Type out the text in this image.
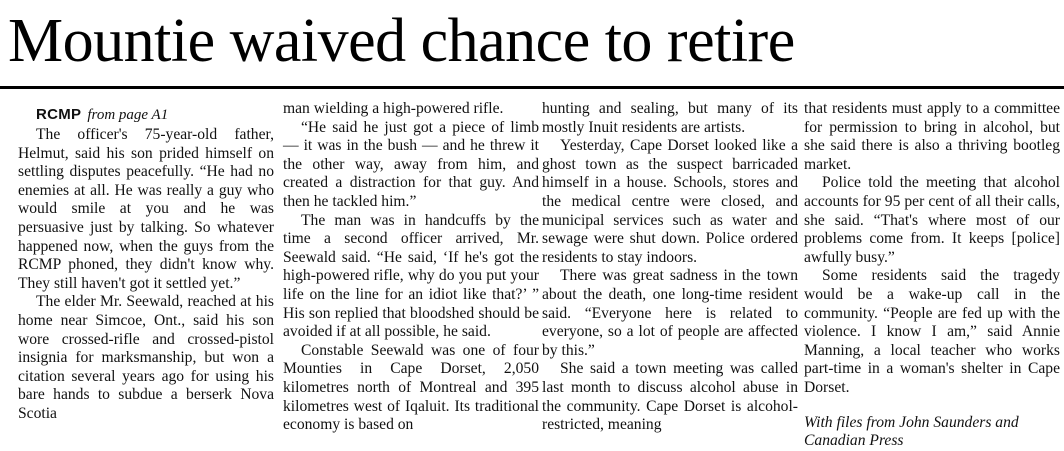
Mountie waived chance to retire

RCMP from page A1

The officer's 75-year-old father, Helmut, said his son prided himself on settling disputes peacefully. “He had no enemies at all. He was really a guy who would smile at you and he was persuasive just by talking. So whatever happened now, when the guys from the RCMP phoned, they didn't know why. They still haven't got it settled yet.”

The elder Mr. Seewald, reached at his home near Simcoe, Ont., said his son wore crossed-rifle and crossed-pistol insignia for marksmanship, but won a citation several years ago for using his bare hands to subdue a berserk Nova Scotia

man wielding a high-powered rifle.

“He said he just got a piece of limb — it was in the bush — and he threw it the other way, away from him, and created a distraction for that guy. And then he tackled him.”

The man was in handcuffs by the time a second officer arrived, Mr. Seewald said. “He said, ‘If he's got the high-powered rifle, why do you put your life on the line for an idiot like that?’ ” His son replied that bloodshed should be avoided if at all possible, he said.

Constable Seewald was one of four Mounties in Cape Dorset, 2,050 kilometres north of Montreal and 395 kilometres west of Iqaluit. Its traditional economy is based on

hunting and sealing, but many of its mostly Inuit residents are artists.

Yesterday, Cape Dorset looked like a ghost town as the suspect barricaded himself in a house. Schools, stores and the medical centre were closed, and municipal services such as water and sewage were shut down. Police ordered residents to stay indoors.

There was great sadness in the town about the death, one long-time resident said. “Everyone here is related to everyone, so a lot of people are affected by this.”

She said a town meeting was called last month to discuss alcohol abuse in the community. Cape Dorset is alcohol-restricted, meaning

that residents must apply to a committee for permission to bring in alcohol, but she said there is also a thriving bootleg market.

Police told the meeting that alcohol accounts for 95 per cent of all their calls, she said. “That's where most of our problems come from. It keeps [police] awfully busy.”

Some residents said the tragedy would be a wake-up call in the community. “People are fed up with the violence. I know I am,” said Annie Manning, a local teacher who works part-time in a woman's shelter in Cape Dorset.

With files from John Saunders and Canadian Press
